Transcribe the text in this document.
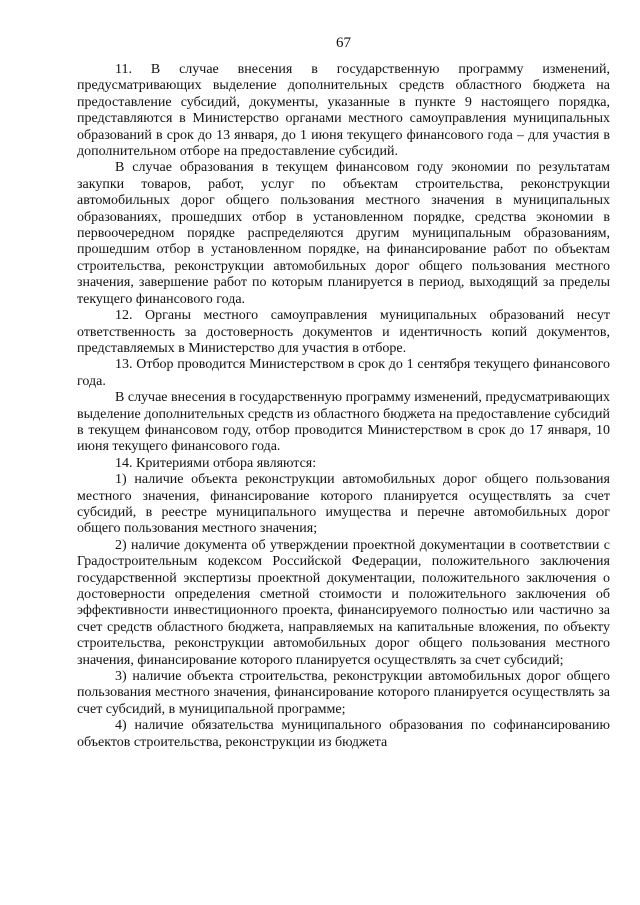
67

11. В случае внесения в государственную программу изменений, предусматривающих выделение дополнительных средств областного бюджета на предоставление субсидий, документы, указанные в пункте 9 настоящего порядка, представляются в Министерство органами местного самоуправления муниципальных образований в срок до 13 января, до 1 июня текущего финансового года – для участия в дополнительном отборе на предоставление субсидий.

В случае образования в текущем финансовом году экономии по результатам закупки товаров, работ, услуг по объектам строительства, реконструкции автомобильных дорог общего пользования местного значения в муниципальных образованиях, прошедших отбор в установленном порядке, средства экономии в первоочередном порядке распределяются другим муниципальным образованиям, прошедшим отбор в установленном порядке, на финансирование работ по объектам строительства, реконструкции автомобильных дорог общего пользования местного значения, завершение работ по которым планируется в период, выходящий за пределы текущего финансового года.

12. Органы местного самоуправления муниципальных образований несут ответственность за достоверность документов и идентичность копий документов, представляемых в Министерство для участия в отборе.

13. Отбор проводится Министерством в срок до 1 сентября текущего финансового года.

В случае внесения в государственную программу изменений, предусматривающих выделение дополнительных средств из областного бюджета на предоставление субсидий в текущем финансовом году, отбор проводится Министерством в срок до 17 января, 10 июня текущего финансового года.

14. Критериями отбора являются:

1) наличие объекта реконструкции автомобильных дорог общего пользования местного значения, финансирование которого планируется осуществлять за счет субсидий, в реестре муниципального имущества и перечне автомобильных дорог общего пользования местного значения;

2) наличие документа об утверждении проектной документации в соответствии с Градостроительным кодексом Российской Федерации, положительного заключения государственной экспертизы проектной документации, положительного заключения о достоверности определения сметной стоимости и положительного заключения об эффективности инвестиционного проекта, финансируемого полностью или частично за счет средств областного бюджета, направляемых на капитальные вложения, по объекту строительства, реконструкции автомобильных дорог общего пользования местного значения, финансирование которого планируется осуществлять за счет субсидий;

3) наличие объекта строительства, реконструкции автомобильных дорог общего пользования местного значения, финансирование которого планируется осуществлять за счет субсидий, в муниципальной программе;

4) наличие обязательства муниципального образования по софинансированию объектов строительства, реконструкции из бюджета
